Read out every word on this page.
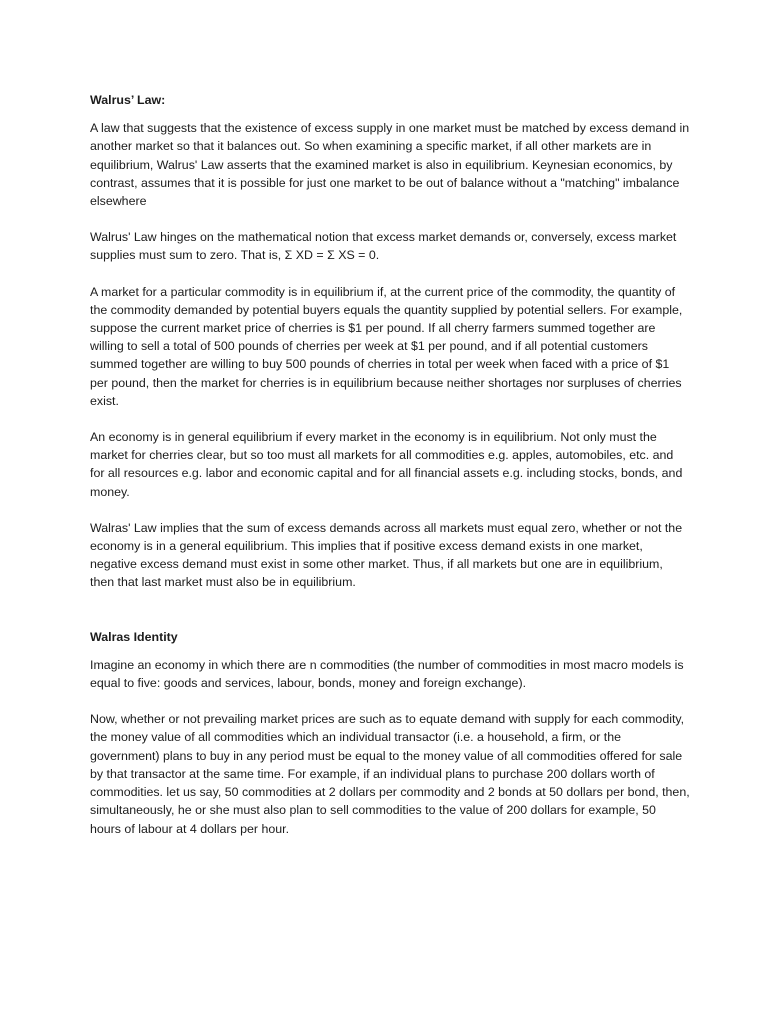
Walrus’ Law:
A law that suggests that the existence of excess supply in one market must be matched by excess demand in another market so that it balances out. So when examining a specific market, if all other markets are in equilibrium, Walrus' Law asserts that the examined market is also in equilibrium. Keynesian economics, by contrast, assumes that it is possible for just one market to be out of balance without a "matching" imbalance elsewhere
Walrus' Law hinges on the mathematical notion that excess market demands or, conversely, excess market supplies must sum to zero. That is, Σ XD = Σ XS = 0.
A market for a particular commodity is in equilibrium if, at the current price of the commodity, the quantity of the commodity demanded by potential buyers equals the quantity supplied by potential sellers. For example, suppose the current market price of cherries is $1 per pound. If all cherry farmers summed together are willing to sell a total of 500 pounds of cherries per week at $1 per pound, and if all potential customers summed together are willing to buy 500 pounds of cherries in total per week when faced with a price of $1 per pound, then the market for cherries is in equilibrium because neither shortages nor surpluses of cherries exist.
An economy is in general equilibrium if every market in the economy is in equilibrium. Not only must the market for cherries clear, but so too must all markets for all commodities e.g. apples, automobiles, etc. and for all resources e.g. labor and economic capital and for all financial assets e.g. including stocks, bonds, and money.
Walras' Law implies that the sum of excess demands across all markets must equal zero, whether or not the economy is in a general equilibrium. This implies that if positive excess demand exists in one market, negative excess demand must exist in some other market. Thus, if all markets but one are in equilibrium, then that last market must also be in equilibrium.
Walras Identity
Imagine an economy in which there are n commodities (the number of commodities in most macro models is equal to five: goods and services, labour, bonds, money and foreign exchange).
Now, whether or not prevailing market prices are such as to equate demand with supply for each commodity, the money value of all commodities which an individual transactor (i.e. a household, a firm, or the government) plans to buy in any period must be equal to the money value of all commodities offered for sale by that transactor at the same time. For example, if an individual plans to purchase 200 dollars worth of commodities. let us say, 50 commodities at 2 dollars per commodity and 2 bonds at 50 dollars per bond, then, simultaneously, he or she must also plan to sell commodities to the value of 200 dollars for example, 50 hours of labour at 4 dollars per hour.
